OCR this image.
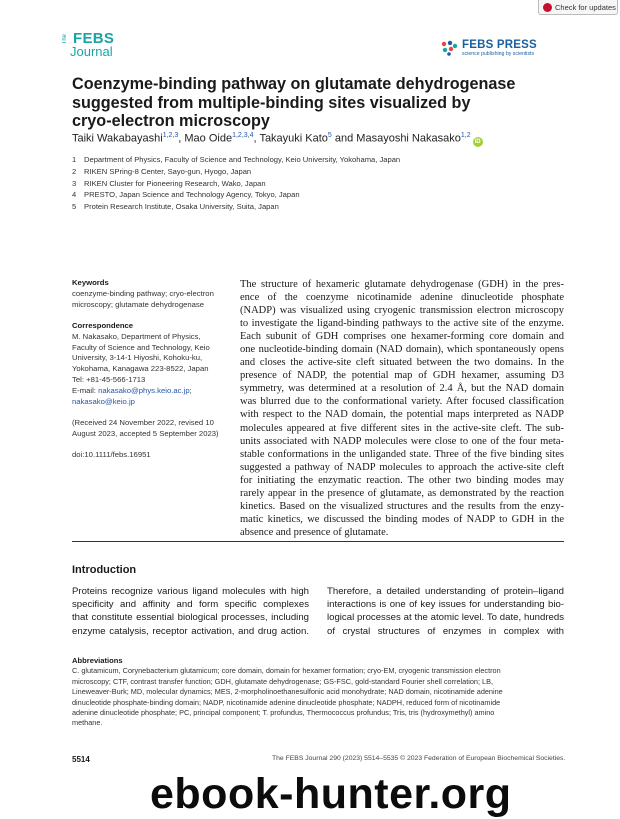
Check for updates
The FEBS
Journal	FEBS PRESS
science publishing by scientists
Coenzyme-binding pathway on glutamate dehydrogenase
suggested from multiple-binding sites visualized by
cryo-electron microscopy
Taiki Wakabayashi$^{1,2,3}$, Mao Oide$^{1,2,3,4}$, Takayuki Kato$^5$ and Masayoshi Nakasako$^{1,2}$iD
1	Department of Physics, Faculty of Science and Technology, Keio University, Yokohama, Japan
2	RIKEN SPring-8 Center, Sayo-gun, Hyogo, Japan
3	RIKEN Cluster for Pioneering Research, Wako, Japan
4	PRESTO, Japan Science and Technology Agency, Tokyo, Japan
5	Protein Research Institute, Osaka University, Suita, Japan
Keywords
coenzyme-binding pathway; cryo-electron
microscopy; glutamate dehydrogenase
Correspondence
M. Nakasako, Department of Physics,
Faculty of Science and Technology, Keio
University, 3-14-1 Hiyoshi, Kohoku-ku,
Yokohama, Kanagawa 223-8522, Japan
Tel: +81-45-566-1713
E-mail: nakasako@phys.keio.ac.jp;
nakasako@keio.jp
(Received 24 November 2022, revised 10
August 2023, accepted 5 September 2023)
doi:10.1111/febs.16951
The structure of hexameric glutamate dehydrogenase (GDH) in the pres-
ence of the coenzyme nicotinamide adenine dinucleotide phosphate
(NADP) was visualized using cryogenic transmission electron microscopy
to investigate the ligand-binding pathways to the active site of the enzyme.
Each subunit of GDH comprises one hexamer-forming core domain and
one nucleotide-binding domain (NAD domain), which spontaneously opens
and closes the active-site cleft situated between the two domains. In the
presence of NADP, the potential map of GDH hexamer, assuming D3
symmetry, was determined at a resolution of 2.4 Å, but the NAD domain
was blurred due to the conformational variety. After focused classification
with respect to the NAD domain, the potential maps interpreted as NADP
molecules appeared at five different sites in the active-site cleft. The sub-
units associated with NADP molecules were close to one of the four meta-
stable conformations in the unliganded state. Three of the five binding sites
suggested a pathway of NADP molecules to approach the active-site cleft
for initiating the enzymatic reaction. The other two binding modes may
rarely appear in the presence of glutamate, as demonstrated by the reaction
kinetics. Based on the visualized structures and the results from the enzy-
matic kinetics, we discussed the binding modes of NADP to GDH in the
absence and presence of glutamate.
Introduction
Proteins recognize various ligand molecules with high
specificity and affinity and form specific complexes
that constitute essential biological processes, including
enzyme catalysis, receptor activation, and drug action.
Therefore, a detailed understanding of protein–ligand
interactions is one of key issues for understanding bio-
logical processes at the atomic level. To date, hundreds
of crystal structures of enzymes in complex with
Abbreviations
C. glutamicum, Corynebacterium glutamicum; core domain, domain for hexamer formation; cryo-EM, cryogenic transmission electron
microscopy; CTF, contrast transfer function; GDH, glutamate dehydrogenase; GS-FSC, gold-standard Fourier shell correlation; LB,
Lineweaver-Burk; MD, molecular dynamics; MES, 2-morpholinoethanesulfonic acid monohydrate; NAD domain, nicotinamide adenine
dinucleotide phosphate-binding domain; NADP, nicotinamide adenine dinucleotide phosphate; NADPH, reduced form of nicotinamide
adenine dinucleotide phosphate; PC, principal component; T. profundus, Thermococcus profundus; Tris, tris (hydroxymethyl) amino
methane.
5514	The FEBS Journal 290 (2023) 5514–5535 © 2023 Federation of European Biochemical Societies.
ebook-hunter.org
